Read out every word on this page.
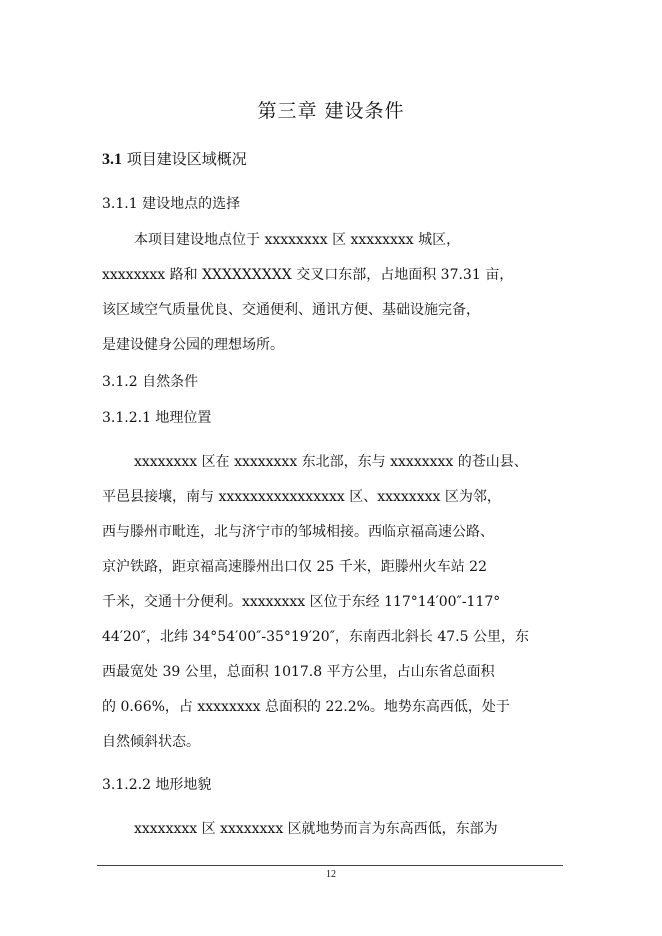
第三章 建设条件
3.1 项目建设区域概况
3.1.1 建设地点的选择
本项目建设地点位于 xxxxxxxx 区 xxxxxxxx 城区，
xxxxxxxx 路和 XXXXXXXXX 交叉口东部，占地面积 37.31 亩，
该区域空气质量优良、交通便利、通讯方便、基础设施完备，
是建设健身公园的理想场所。
3.1.2 自然条件
3.1.2.1 地理位置
xxxxxxxx 区在 xxxxxxxx 东北部，东与 xxxxxxxx 的苍山县、
平邑县接壤，南与 xxxxxxxxxxxxxxxx 区、xxxxxxxx 区为邻，
西与滕州市毗连，北与济宁市的邹城相接。西临京福高速公路、
京沪铁路，距京福高速滕州出口仅 25 千米，距滕州火车站 22
千米，交通十分便利。xxxxxxxx 区位于东经 117°14′00″-117°
44′20″，北纬 34°54′00″-35°19′20″，东南西北斜长 47.5 公里，东
西最宽处 39 公里，总面积 1017.8 平方公里，占山东省总面积
的 0.66%，占 xxxxxxxx 总面积的 22.2%。地势东高西低，处于
自然倾斜状态。
3.1.2.2 地形地貌
xxxxxxxx 区 xxxxxxxx 区就地势而言为东高西低，东部为
12
